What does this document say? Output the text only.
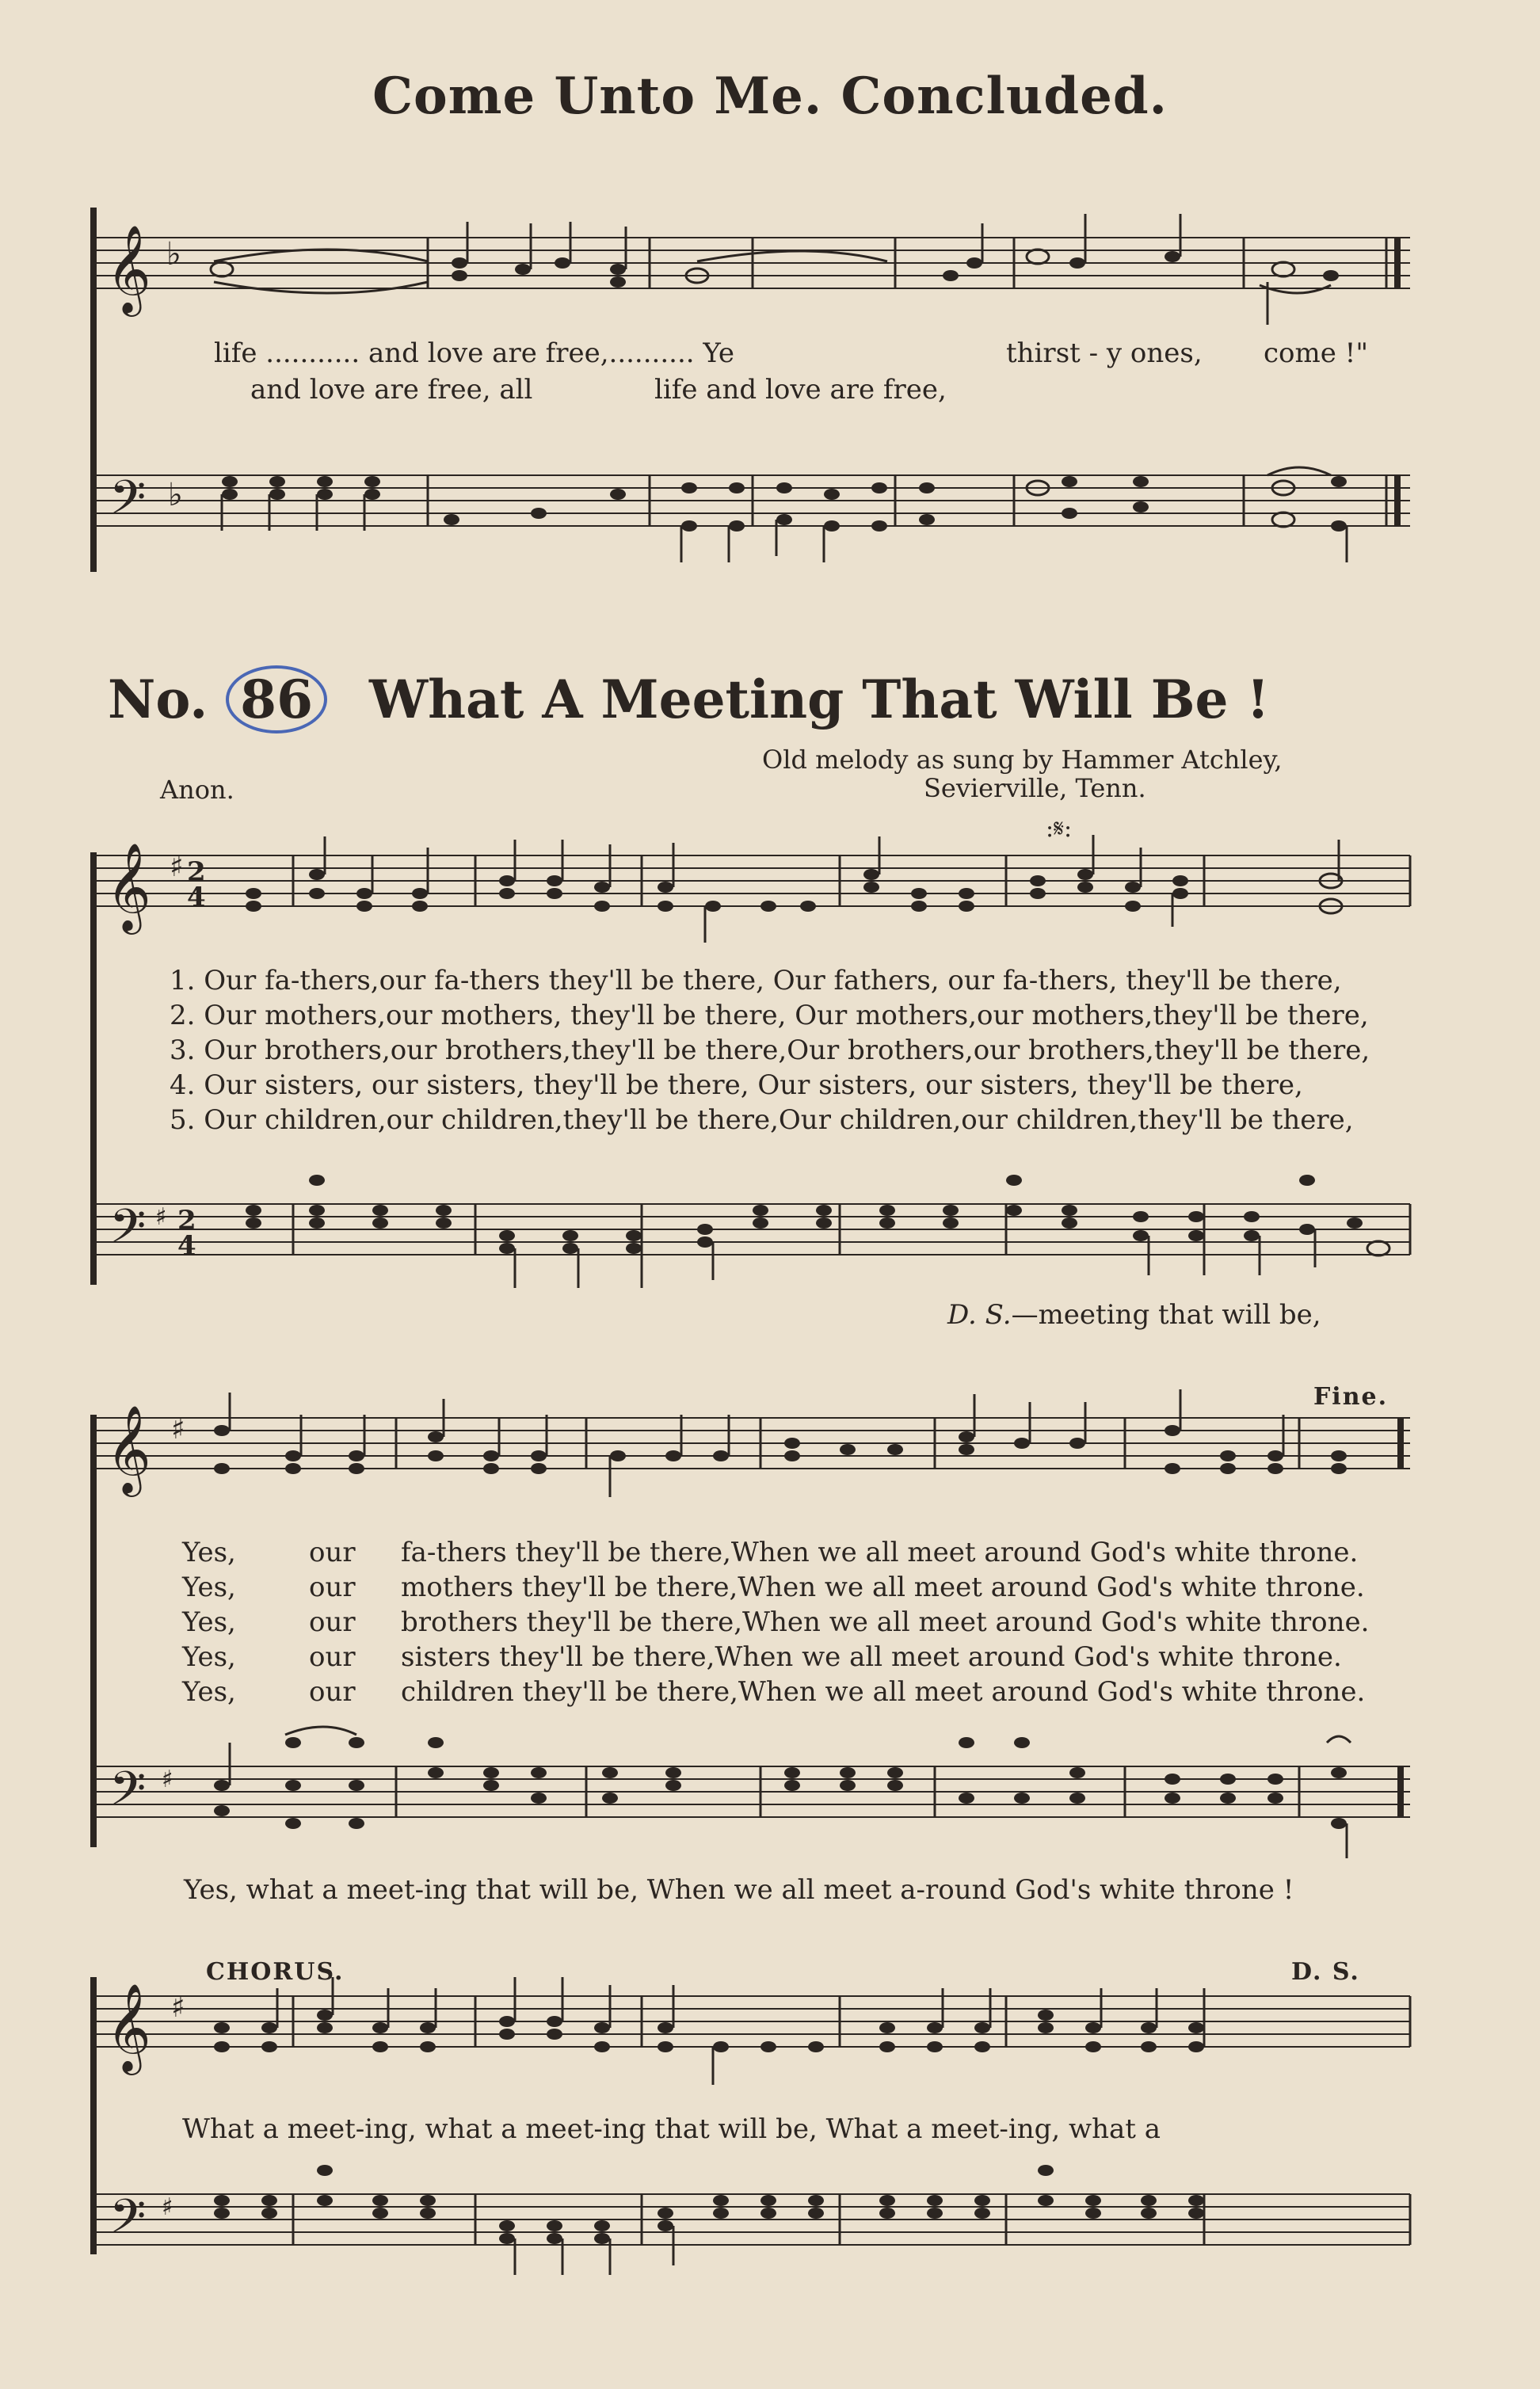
Come Unto Me. Concluded.
𝄞 ♭
life ........... and love are free,.......... Ye	thirst - y ones, come !"
and love are free, all	life and love are free,
𝄢 ♭
No. 86 What A Meeting That Will Be !
Old melody as sung by Hammer Atchley,
Anon.	Sevierville, Tenn.
𝄞 ♯ 2
4
:𝄋:
1. Our fa-thers,our fa-thers they'll be there, Our fathers, our fa-thers, they'll be there,
2. Our mothers,our mothers, they'll be there, Our mothers,our mothers,they'll be there,
3. Our brothers,our brothers,they'll be there,Our brothers,our brothers,they'll be there,
4. Our sisters, our sisters, they'll be there, Our sisters, our sisters, they'll be there,
5. Our children,our children,they'll be there,Our children,our children,they'll be there,
𝄢 ♯ 2
4
D. S.—meeting that will be,
Fine.
𝄞 ♯
Yes,	our fa-thers they'll be there,When we all meet around God's white throne.
Yes,	our mothers they'll be there,When we all meet around God's white throne.
Yes,	our brothers they'll be there,When we all meet around God's white throne.
Yes,	our sisters they'll be there,When we all meet around God's white throne.
Yes,	our children they'll be there,When we all meet around God's white throne.
𝄢 ♯
Yes, what a meet-ing that will be, When we all meet a-round God's white throne !
CHORUS.	D. S.
𝄞 ♯
What a meet-ing, what a meet-ing that will be, What a meet-ing, what a
𝄢 ♯
